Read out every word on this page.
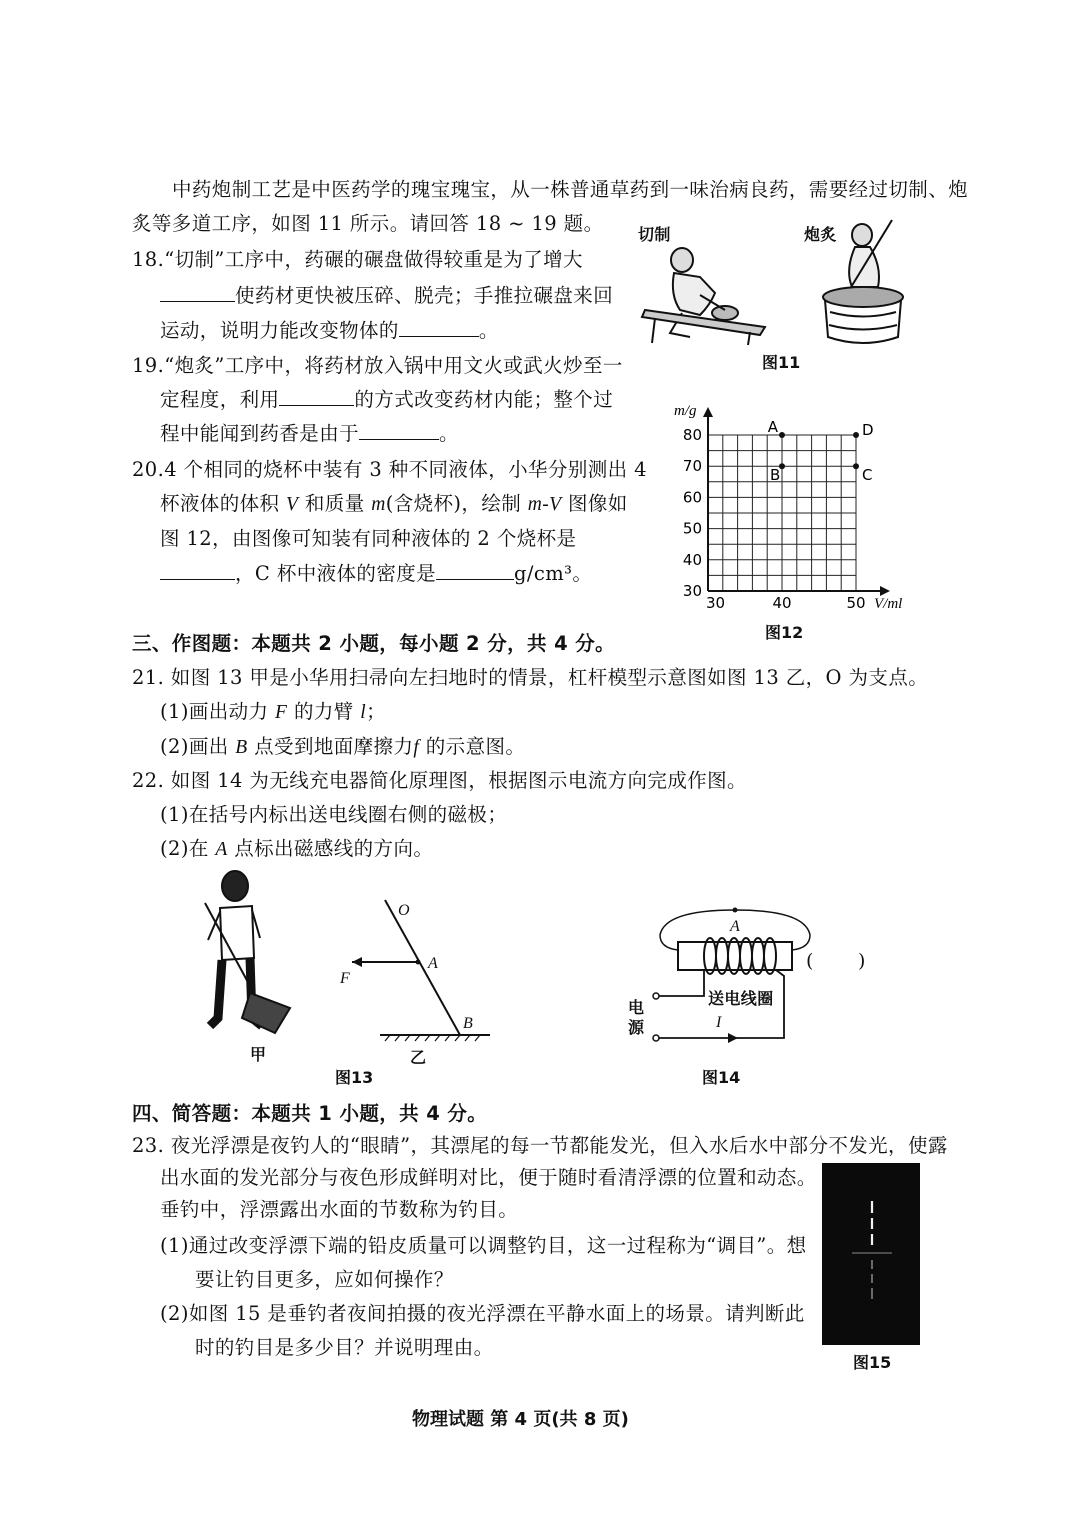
中药炮制工艺是中医药学的瑰宝瑰宝，从一株普通草药到一味治病良药，需要经过切制、炮
炙等多道工序，如图 11 所示。请回答 18 ~ 19 题。
18.“切制”工序中，药碾的碾盘做得较重是为了增大
使药材更快被压碎、脱壳；手推拉碾盘来回
运动，说明力能改变物体的	。
19.“炮炙”工序中，将药材放入锅中用文火或武火炒至一
定程度，利用	的方式改变药材内能；整个过
程中能闻到药香是由于	。
20.4 个相同的烧杯中装有 3 种不同液体，小华分别测出 4
杯液体的体积 V 和质量 m(含烧杯)，绘制 m-V 图像如
图 12，由图像可知装有同种液体的 2 个烧杯是
，C 杯中液体的密度是	g/cm³。
切制	炮炙
图11
30
40
50
60
70
80
40	50
30
m/g
V/ml
A
B	C
D
图12
三、作图题：本题共 2 小题，每小题 2 分，共 4 分。
21. 如图 13 甲是小华用扫帚向左扫地时的情景，杠杆模型示意图如图 13 乙，O 为支点。
(1)画出动力 F 的力臂 l；
(2)画出 B 点受到地面摩擦力f 的示意图。
22. 如图 14 为无线充电器简化原理图，根据图示电流方向完成作图。
(1)在括号内标出送电线圈右侧的磁极；
(2)在 A 点标出磁感线的方向。
甲
O
A
F
B
乙
图13
A
( )
送电线圈
电源	I
图14
四、简答题：本题共 1 小题，共 4 分。
23. 夜光浮漂是夜钓人的“眼睛”，其漂尾的每一节都能发光，但入水后水中部分不发光，使露
出水面的发光部分与夜色形成鲜明对比，便于随时看清浮漂的位置和动态。
垂钓中，浮漂露出水面的节数称为钓目。
(1)通过改变浮漂下端的铅皮质量可以调整钓目，这一过程称为“调目”。想
要让钓目更多，应如何操作？
(2)如图 15 是垂钓者夜间拍摄的夜光浮漂在平静水面上的场景。请判断此
时的钓目是多少目？并说明理由。
图15
物理试题 第 4 页(共 8 页)
